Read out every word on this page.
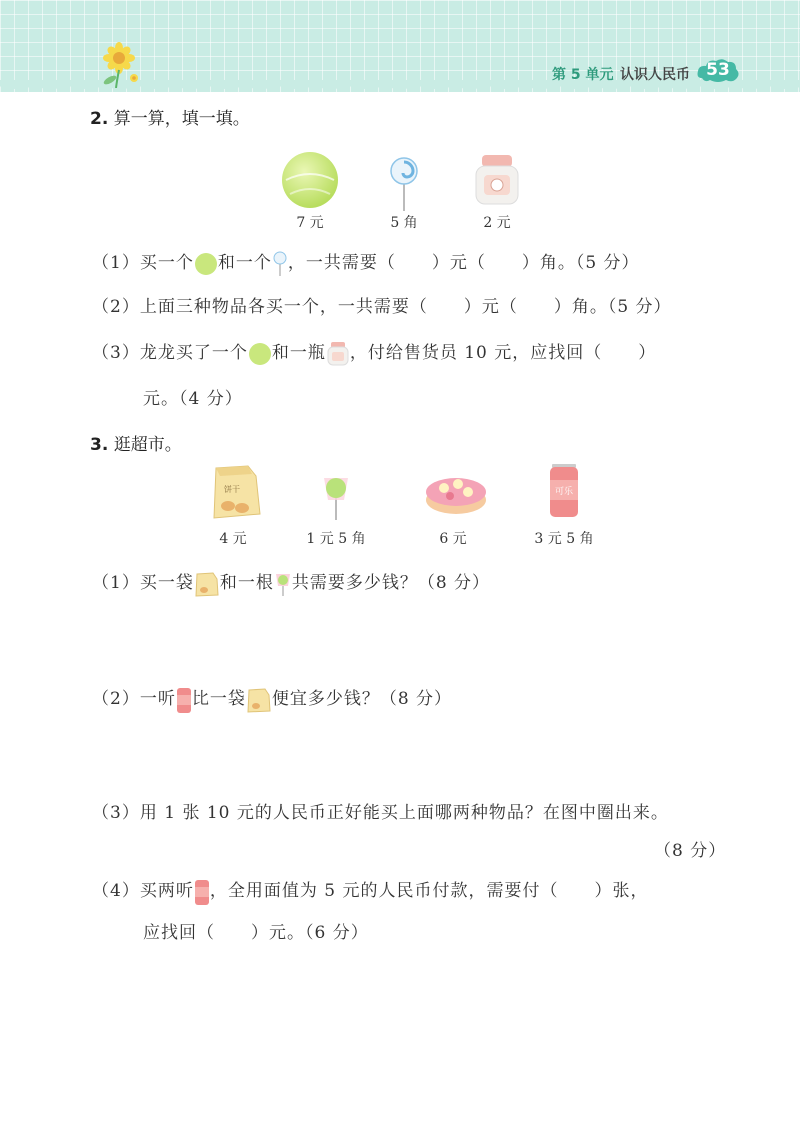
第 5 单元 认识人民币 53
2. 算一算，填一填。
7 元	5 角	2 元
（1）买一个 和一个 ，一共需要（　　）元（　　）角。（5 分）
（2）上面三种物品各买一个，一共需要（　　）元（　　）角。（5 分）
（3）龙龙买了一个 和一瓶 ，付给售货员 10 元，应找回（　　）
元。（4 分）
3. 逛超市。
饼干	可乐
4 元	1 元 5 角	6 元	3 元 5 角
（1）买一袋 和一根 共需要多少钱？（8 分）
（2）一听 比一袋 便宜多少钱？（8 分）
（3）用 1 张 10 元的人民币正好能买上面哪两种物品？在图中圈出来。
（8 分）
（4）买两听 ，全用面值为 5 元的人民币付款，需要付（　　）张，
应找回（　　）元。（6 分）
